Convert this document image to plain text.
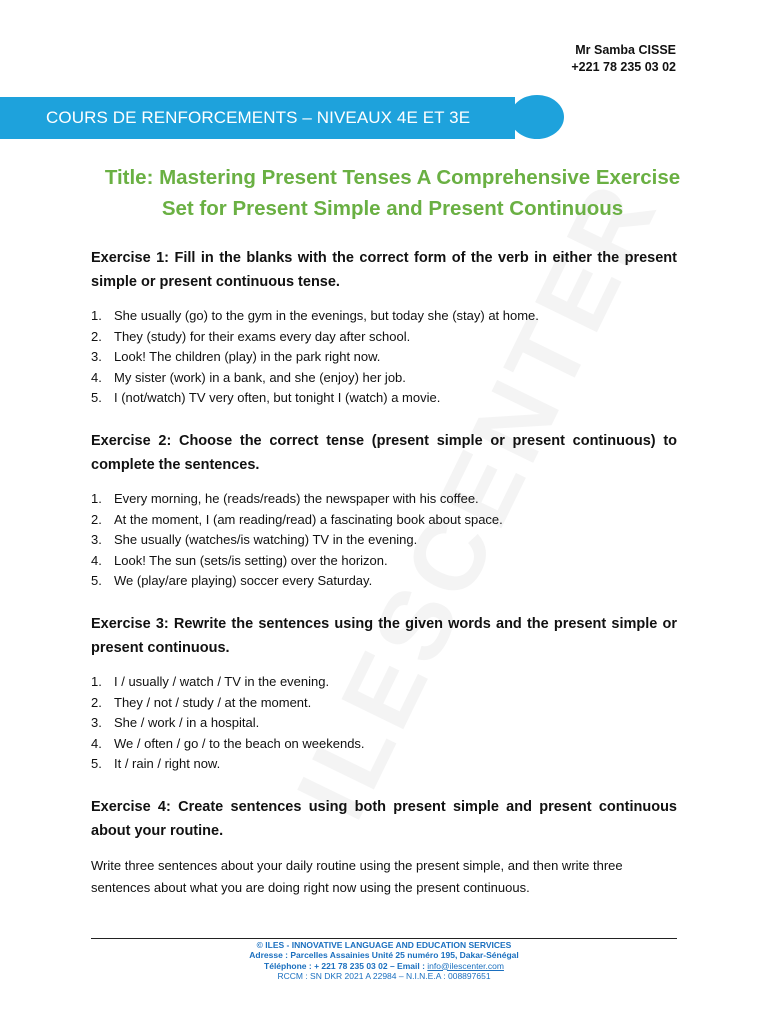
Mr Samba CISSE
+221 78 235 03 02
COURS DE RENFORCEMENTS – NIVEAUX 4E ET 3E
Title: Mastering Present Tenses A Comprehensive Exercise
Set for Present Simple and Present Continuous

Exercise 1: Fill in the blanks with the correct form of the verb in either the present simple or present continuous tense.

1. She usually (go) to the gym in the evenings, but today she (stay) at home.
2. They (study) for their exams every day after school.
3. Look! The children (play) in the park right now.
4. My sister (work) in a bank, and she (enjoy) her job.
5. I (not/watch) TV very often, but tonight I (watch) a movie.

Exercise 2: Choose the correct tense (present simple or present continuous) to complete the sentences.

1. Every morning, he (reads/reads) the newspaper with his coffee.
2. At the moment, I (am reading/read) a fascinating book about space.
3. She usually (watches/is watching) TV in the evening.
4. Look! The sun (sets/is setting) over the horizon.
5. We (play/are playing) soccer every Saturday.

Exercise 3: Rewrite the sentences using the given words and the present simple or present continuous.

1. I / usually / watch / TV in the evening.
2. They / not / study / at the moment.
3. She / work / in a hospital.
4. We / often / go / to the beach on weekends.
5. It / rain / right now.

Exercise 4: Create sentences using both present simple and present continuous about your routine.

Write three sentences about your daily routine using the present simple, and then write three sentences about what you are doing right now using the present continuous.

© ILES - INNOVATIVE LANGUAGE AND EDUCATION SERVICES
Adresse : Parcelles Assainies Unité 25 numéro 195, Dakar-Sénégal
Téléphone : + 221 78 235 03 02 – Email : info@ilescenter.com
RCCM : SN DKR 2021 A 22984 – N.I.N.E.A : 008897651
